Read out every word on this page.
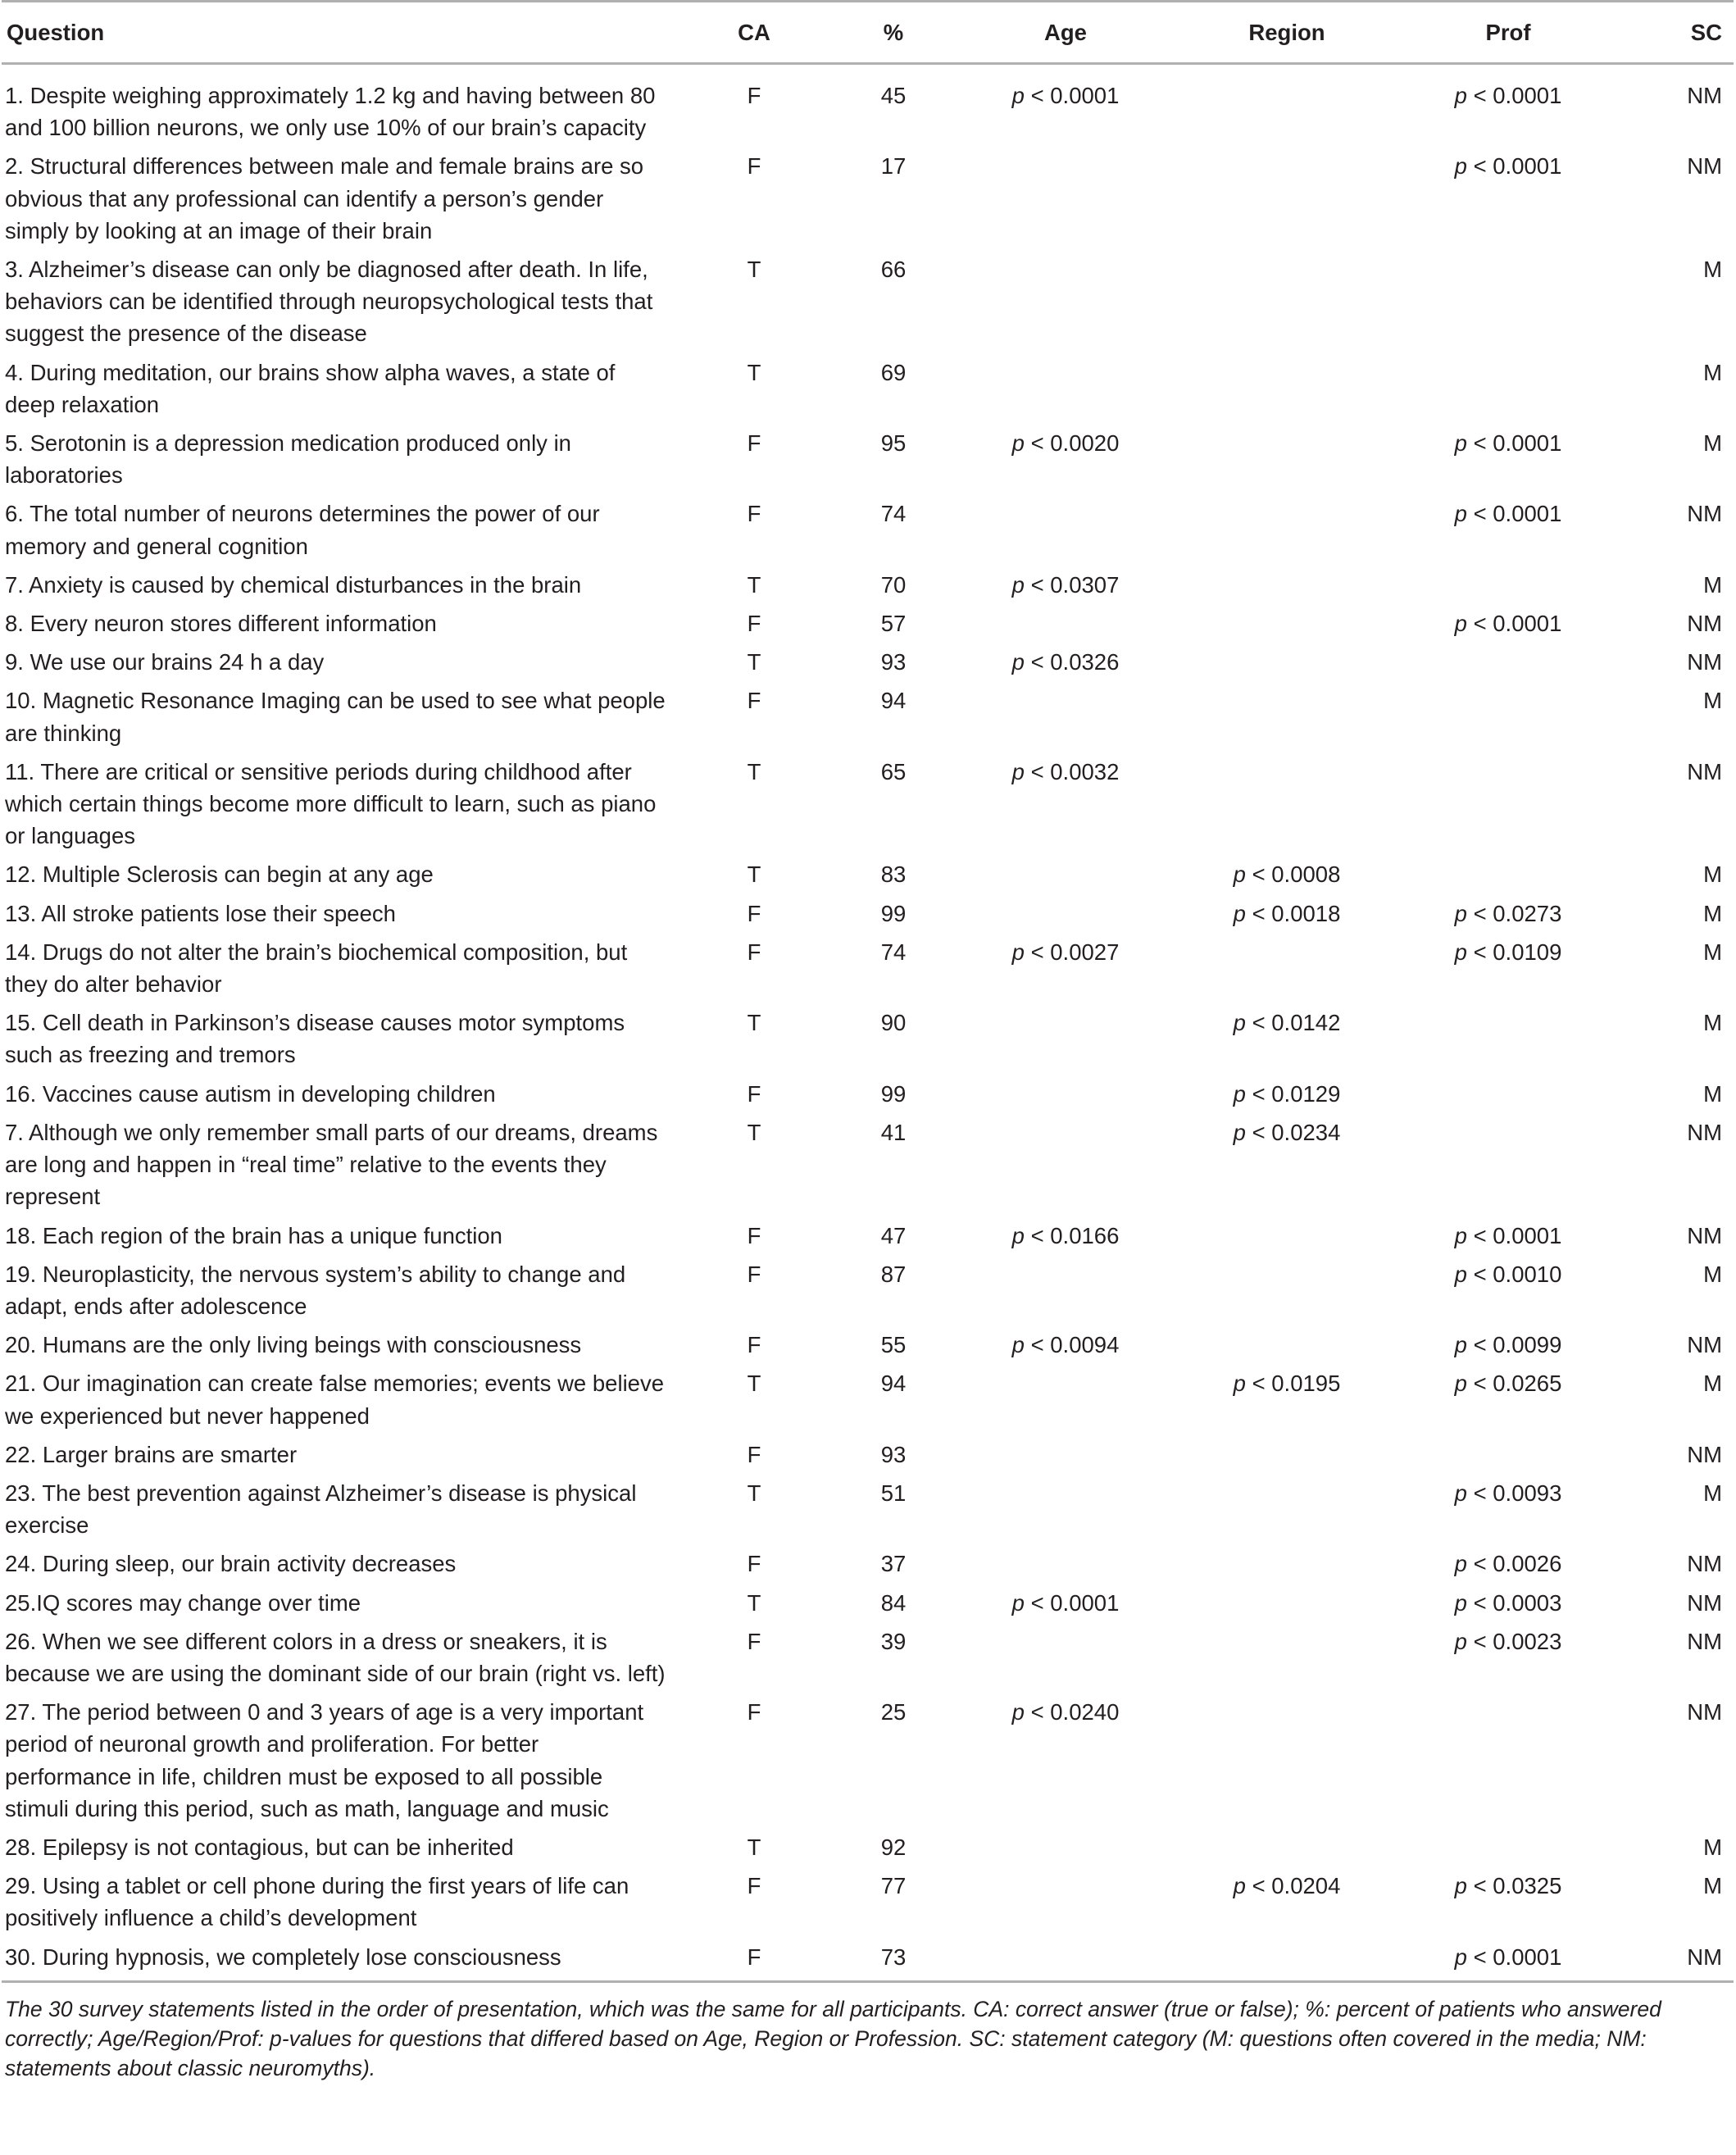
Question	CA	%	Age	Region	Prof	SC
1. Despite weighing approximately 1.2 kg and having between 80 and 100 billion neurons, we only use 10% of our brain’s capacity	F	45	p < 0.0001		p < 0.0001	NM
2. Structural differences between male and female brains are so obvious that any professional can identify a person’s gender simply by looking at an image of their brain	F	17			p < 0.0001	NM
3. Alzheimer’s disease can only be diagnosed after death. In life, behaviors can be identified through neuropsychological tests that suggest the presence of the disease	T	66				M
4. During meditation, our brains show alpha waves, a state of deep relaxation	T	69				M
5. Serotonin is a depression medication produced only in laboratories	F	95	p < 0.0020		p < 0.0001	M
6. The total number of neurons determines the power of our memory and general cognition	F	74			p < 0.0001	NM
7. Anxiety is caused by chemical disturbances in the brain	T	70	p < 0.0307			M
8. Every neuron stores different information	F	57			p < 0.0001	NM
9. We use our brains 24 h a day	T	93	p < 0.0326			NM
10. Magnetic Resonance Imaging can be used to see what people are thinking	F	94				M
11. There are critical or sensitive periods during childhood after which certain things become more difficult to learn, such as piano or languages	T	65	p < 0.0032			NM
12. Multiple Sclerosis can begin at any age	T	83		p < 0.0008		M
13. All stroke patients lose their speech	F	99		p < 0.0018	p < 0.0273	M
14. Drugs do not alter the brain’s biochemical composition, but they do alter behavior	F	74	p < 0.0027		p < 0.0109	M
15. Cell death in Parkinson’s disease causes motor symptoms such as freezing and tremors	T	90		p < 0.0142		M
16. Vaccines cause autism in developing children	F	99		p < 0.0129		M
7. Although we only remember small parts of our dreams, dreams are long and happen in “real time” relative to the events they represent	T	41		p < 0.0234		NM
18. Each region of the brain has a unique function	F	47	p < 0.0166		p < 0.0001	NM
19. Neuroplasticity, the nervous system’s ability to change and adapt, ends after adolescence	F	87			p < 0.0010	M
20. Humans are the only living beings with consciousness	F	55	p < 0.0094		p < 0.0099	NM
21. Our imagination can create false memories; events we believe we experienced but never happened	T	94		p < 0.0195	p < 0.0265	M
22. Larger brains are smarter	F	93				NM
23. The best prevention against Alzheimer’s disease is physical exercise	T	51			p < 0.0093	M
24. During sleep, our brain activity decreases	F	37			p < 0.0026	NM
25.IQ scores may change over time	T	84	p < 0.0001		p < 0.0003	NM
26. When we see different colors in a dress or sneakers, it is because we are using the dominant side of our brain (right vs. left)	F	39			p < 0.0023	NM
27. The period between 0 and 3 years of age is a very important period of neuronal growth and proliferation. For better performance in life, children must be exposed to all possible stimuli during this period, such as math, language and music	F	25	p < 0.0240			NM
28. Epilepsy is not contagious, but can be inherited	T	92				M
29. Using a tablet or cell phone during the first years of life can positively influence a child’s development	F	77		p < 0.0204	p < 0.0325	M
30. During hypnosis, we completely lose consciousness	F	73			p < 0.0001	NM
The 30 survey statements listed in the order of presentation, which was the same for all participants. CA: correct answer (true or false); %: percent of patients who answered correctly; Age/Region/Prof: p-values for questions that differed based on Age, Region or Profession. SC: statement category (M: questions often covered in the media; NM: statements about classic neuromyths).
